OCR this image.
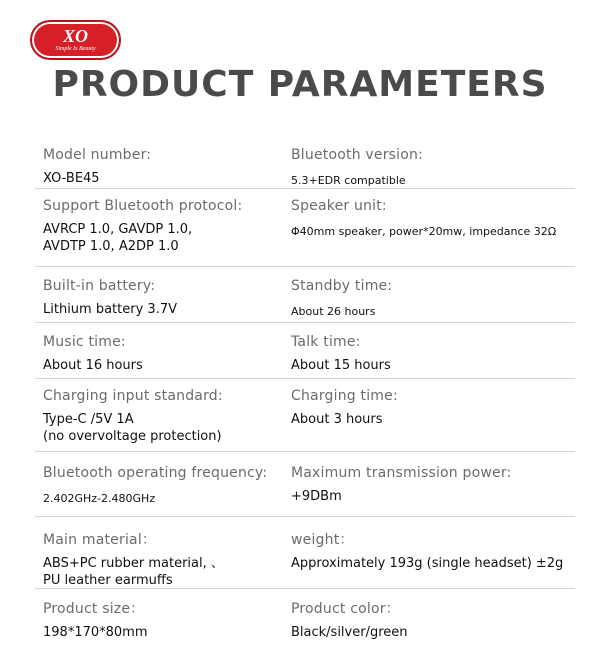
XO
Simple Is Beauty
PRODUCT PARAMETERS
Model number:
XO-BE45
Bluetooth version:
5.3+EDR compatible
Support Bluetooth protocol:
AVRCP 1.0, GAVDP 1.0,
AVDTP 1.0, A2DP 1.0
Speaker unit:
Φ40mm speaker, power*20mw, impedance 32Ω
Built-in battery:
Lithium battery 3.7V
Standby time:
About 26 hours
Music time:
About 16 hours
Talk time:
About 15 hours
Charging input standard:
Type-C /5V 1A
(no overvoltage protection)
Charging time:
About 3 hours
Bluetooth operating frequency:
2.402GHz-2.480GHz
Maximum transmission power:
+9DBm
Main material：
ABS+PC rubber material, 、
PU leather earmuffs
weight：
Approximately 193g (single headset) ±2g
Product size：
198*170*80mm
Product color：
Black/silver/green
